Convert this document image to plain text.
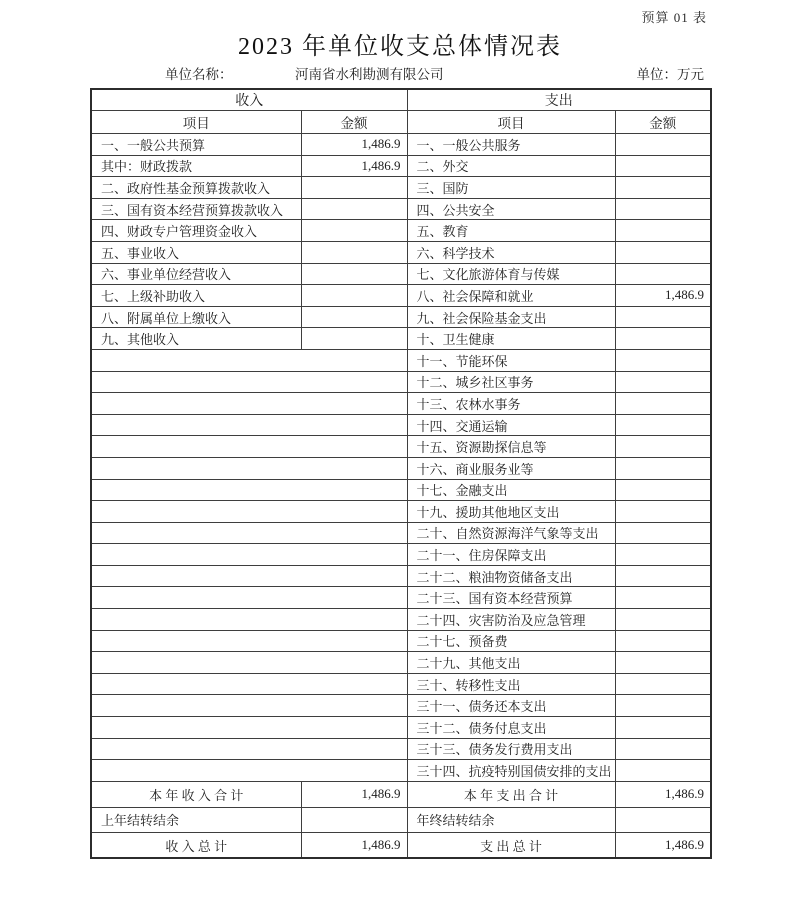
预算 01 表
2023 年单位收支总体情况表
单位名称：	河南省水利勘测有限公司	单位：万元
收入		支出	
项目	金额	项目	金额
一、一般公共预算	1,486.9	一、一般公共服务	
其中：财政拨款	1,486.9	二、外交	
二、政府性基金预算拨款收入		三、国防	
三、国有资本经营预算拨款收入		四、公共安全	
四、财政专户管理资金收入		五、教育	
五、事业收入		六、科学技术	
六、事业单位经营收入		七、文化旅游体育与传媒	
七、上级补助收入		八、社会保障和就业	1,486.9
八、附属单位上缴收入		九、社会保险基金支出	
九、其他收入		十、卫生健康	
		十一、节能环保	
		十二、城乡社区事务	
		十三、农林水事务	
		十四、交通运输	
		十五、资源勘探信息等	
		十六、商业服务业等	
		十七、金融支出	
		十九、援助其他地区支出	
		二十、自然资源海洋气象等支出	
		二十一、住房保障支出	
		二十二、粮油物资储备支出	
		二十三、国有资本经营预算	
		二十四、灾害防治及应急管理	
		二十七、预备费	
		二十九、其他支出	
		三十、转移性支出	
		三十一、债务还本支出	
		三十二、债务付息支出	
		三十三、债务发行费用支出	
		三十四、抗疫特别国债安排的支出	
本 年 收 入 合 计	1,486.9	本 年 支 出 合 计	1,486.9
上年结转结余		年终结转结余	
收 入 总 计	1,486.9	支 出 总 计	1,486.9
